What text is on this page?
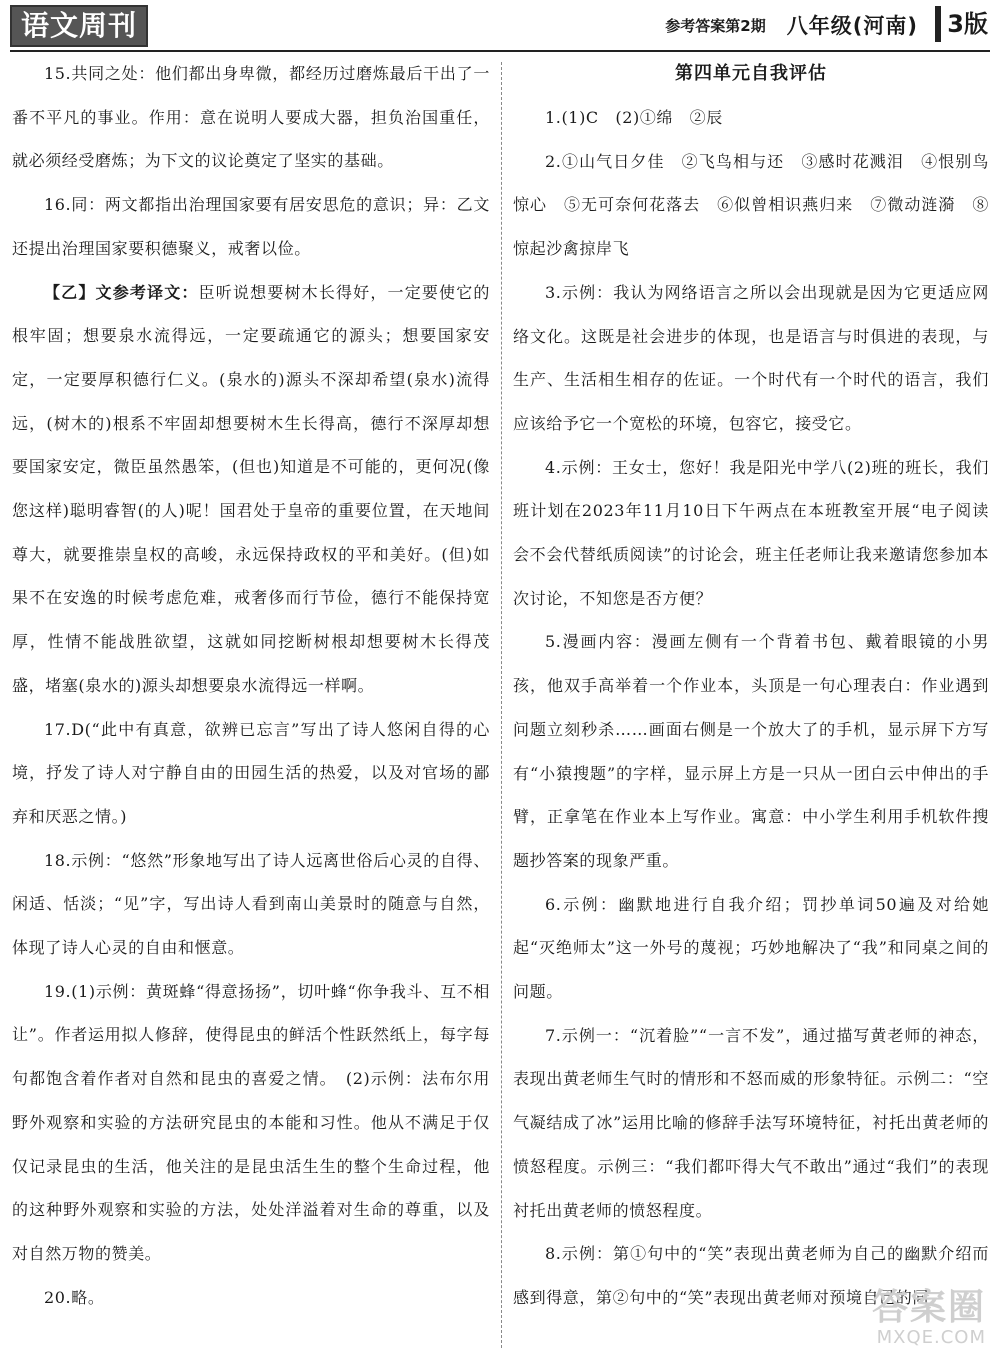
语文周刊	参考答案第2期 八年级(河南)	3版

15.共同之处：他们都出身卑微，都经历过磨炼最后干出了一番不平凡的事业。作用：意在说明人要成大器，担负治国重任，就必须经受磨炼；为下文的议论奠定了坚实的基础。

16.同：两文都指出治理国家要有居安思危的意识；异：乙文还提出治理国家要积德聚义，戒奢以俭。

【乙】文参考译文：臣听说想要树木长得好，一定要使它的根牢固；想要泉水流得远，一定要疏通它的源头；想要国家安定，一定要厚积德行仁义。(泉水的)源头不深却希望(泉水)流得远，(树木的)根系不牢固却想要树木生长得高，德行不深厚却想要国家安定，微臣虽然愚笨，(但也)知道是不可能的，更何况(像您这样)聪明睿智(的人)呢！国君处于皇帝的重要位置，在天地间尊大，就要推崇皇权的高峻，永远保持政权的平和美好。(但)如果不在安逸的时候考虑危难，戒奢侈而行节俭，德行不能保持宽厚，性情不能战胜欲望，这就如同挖断树根却想要树木长得茂盛，堵塞(泉水的)源头却想要泉水流得远一样啊。

17.D(“此中有真意，欲辨已忘言”写出了诗人悠闲自得的心境，抒发了诗人对宁静自由的田园生活的热爱，以及对官场的鄙弃和厌恶之情。)

18.示例：“悠然”形象地写出了诗人远离世俗后心灵的自得、闲适、恬淡；“见”字，写出诗人看到南山美景时的随意与自然，体现了诗人心灵的自由和惬意。

19.(1)示例：黄斑蜂“得意扬扬”，切叶蜂“你争我斗、互不相让”。作者运用拟人修辞，使得昆虫的鲜活个性跃然纸上，每字每句都饱含着作者对自然和昆虫的喜爱之情。　(2)示例：法布尔用野外观察和实验的方法研究昆虫的本能和习性。他从不满足于仅仅记录昆虫的生活，他关注的是昆虫活生生的整个生命过程，他的这种野外观察和实验的方法，处处洋溢着对生命的尊重，以及对自然万物的赞美。

20.略。

第四单元自我评估

1.(1)C　(2)①绵　②辰

2.①山气日夕佳　②飞鸟相与还　③感时花溅泪　④恨别鸟惊心　⑤无可奈何花落去　⑥似曾相识燕归来　⑦微动涟漪　⑧惊起沙禽掠岸飞

3.示例：我认为网络语言之所以会出现就是因为它更适应网络文化。这既是社会进步的体现，也是语言与时俱进的表现，与生产、生活相生相存的佐证。一个时代有一个时代的语言，我们应该给予它一个宽松的环境，包容它，接受它。

4.示例：王女士，您好！我是阳光中学八(2)班的班长，我们班计划在2023年11月10日下午两点在本班教室开展“电子阅读会不会代替纸质阅读”的讨论会，班主任老师让我来邀请您参加本次讨论，不知您是否方便？

5.漫画内容：漫画左侧有一个背着书包、戴着眼镜的小男孩，他双手高举着一个作业本，头顶是一句心理表白：作业遇到问题立刻秒杀……画面右侧是一个放大了的手机，显示屏下方写有“小猿搜题”的字样，显示屏上方是一只从一团白云中伸出的手臂，正拿笔在作业本上写作业。寓意：中小学生利用手机软件搜题抄答案的现象严重。

6.示例：幽默地进行自我介绍；罚抄单词50遍及对给她起“灭绝师太”这一外号的蔑视；巧妙地解决了“我”和同桌之间的问题。

7.示例一：“沉着脸”“一言不发”，通过描写黄老师的神态，表现出黄老师生气时的情形和不怒而威的形象特征。示例二：“空气凝结成了冰”运用比喻的修辞手法写环境特征，衬托出黄老师的愤怒程度。示例三：“我们都吓得大气不敢出”通过“我们”的表现衬托出黄老师的愤怒程度。

8.示例：第①句中的“笑”表现出黄老师为自己的幽默介绍而感到得意，第②句中的“笑”表现出黄老师对预境自己的同

答案圈
MXQE.COM
